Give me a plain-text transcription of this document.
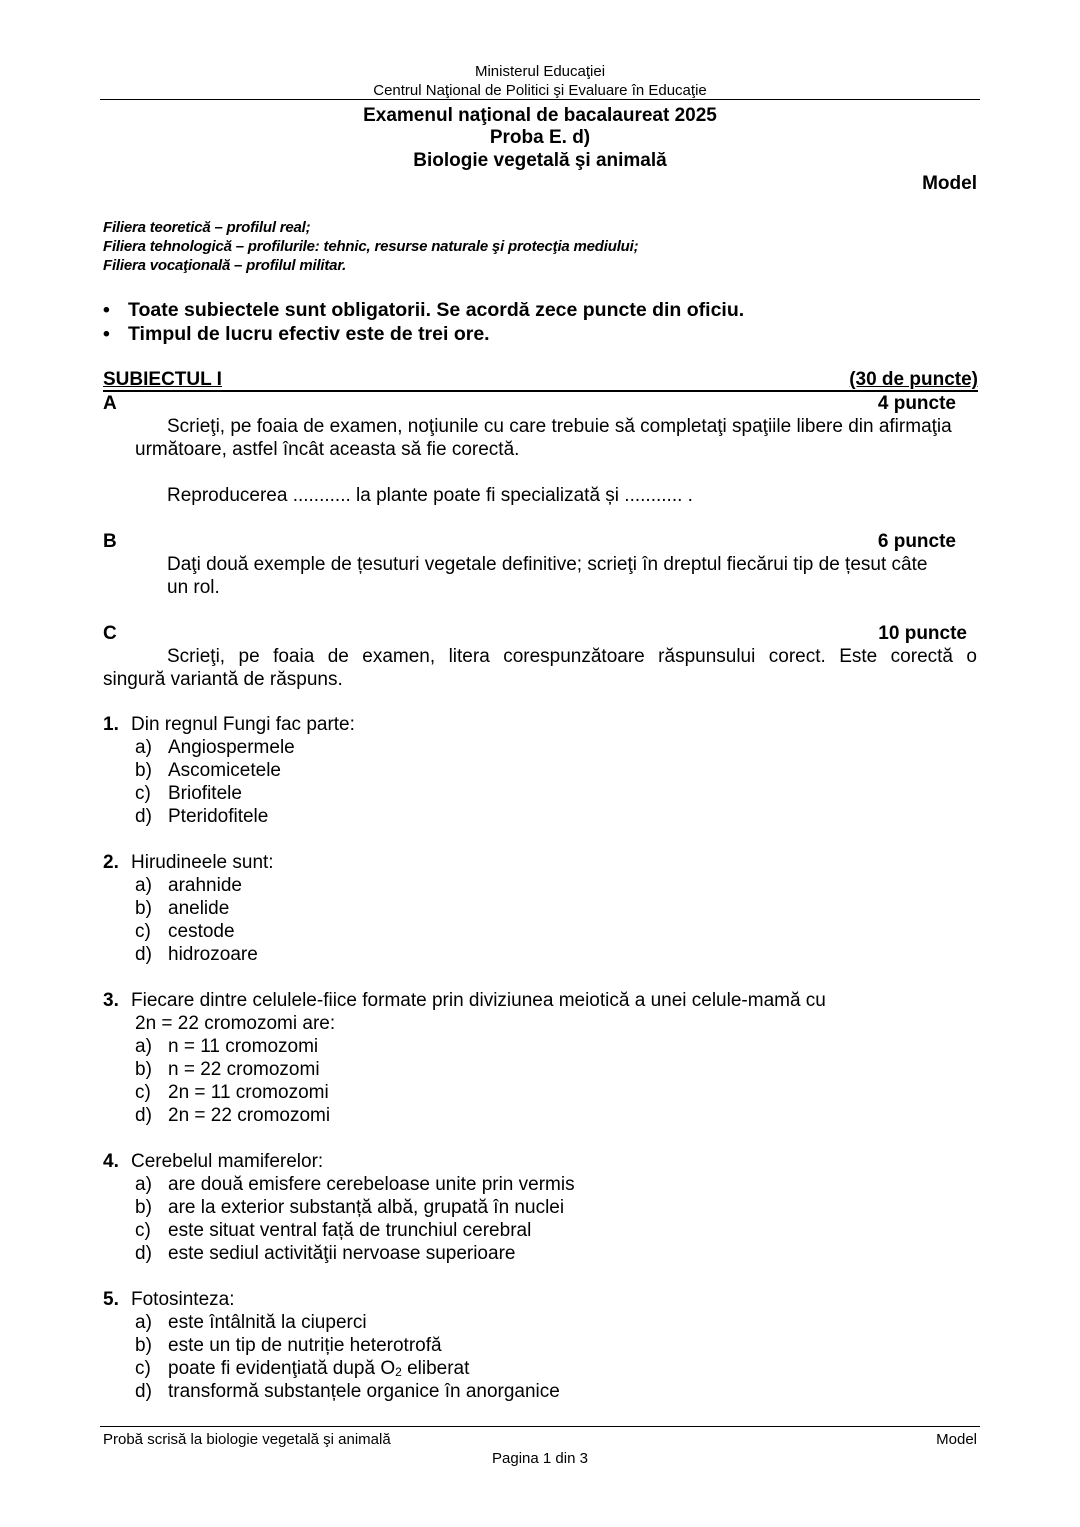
Ministerul Educaţiei
Centrul Naţional de Politici şi Evaluare în Educaţie
Examenul naţional de bacalaureat 2025
Proba E. d)
Biologie vegetală şi animală
Model
Filiera teoretică – profilul real;
Filiera tehnologică – profilurile: tehnic, resurse naturale şi protecţia mediului;
Filiera vocaţională – profilul militar.
• Toate subiectele sunt obligatorii. Se acordă zece puncte din oficiu.
• Timpul de lucru efectiv este de trei ore.
SUBIECTUL I	(30 de puncte)
A	4 puncte
Scrieţi, pe foaia de examen, noţiunile cu care trebuie să completaţi spaţiile libere din afirmaţia
următoare, astfel încât aceasta să fie corectă.
Reproducerea ........... la plante poate fi specializată și ........... .
B	6 puncte
Daţi două exemple de țesuturi vegetale definitive; scrieţi în dreptul fiecărui tip de țesut câte
un rol.
C	10 puncte
Scrieţi, pe foaia de examen, litera corespunzătoare răspunsului corect. Este corectă o
singură variantă de răspuns.
1. Din regnul Fungi fac parte:
a) Angiospermele
b) Ascomicetele
c) Briofitele
d) Pteridofitele
2. Hirudineele sunt:
a) arahnide
b) anelide
c) cestode
d) hidrozoare
3. Fiecare dintre celulele-fiice formate prin diviziunea meiotică a unei celule-mamă cu
2n = 22 cromozomi are:
a) n = 11 cromozomi
b) n = 22 cromozomi
c) 2n = 11 cromozomi
d) 2n = 22 cromozomi
4. Cerebelul mamiferelor:
a) are două emisfere cerebeloase unite prin vermis
b) are la exterior substanță albă, grupată în nuclei
c) este situat ventral față de trunchiul cerebral
d) este sediul activităţii nervoase superioare
5. Fotosinteza:
a) este întâlnită la ciuperci
b) este un tip de nutriție heterotrofă
c) poate fi evidenţiată după $O_2$ eliberat
d) transformă substanțele organice în anorganice
Probă scrisă la biologie vegetală şi animală	Model
Pagina 1 din 3
